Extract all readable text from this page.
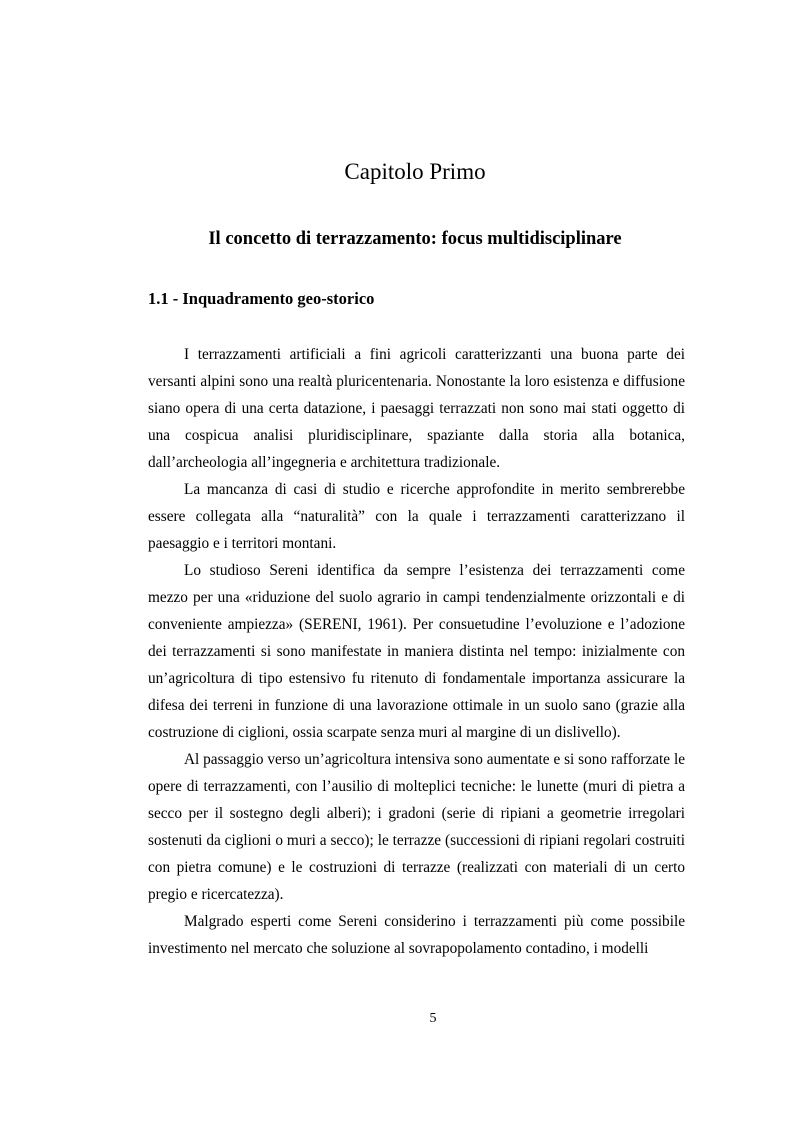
Capitolo Primo
Il concetto di terrazzamento: focus multidisciplinare
1.1 - Inquadramento geo-storico

I terrazzamenti artificiali a fini agricoli caratterizzanti una buona parte dei versanti alpini sono una realtà pluricentenaria. Nonostante la loro esistenza e diffusione siano opera di una certa datazione, i paesaggi terrazzati non sono mai stati oggetto di una cospicua analisi pluridisciplinare, spaziante dalla storia alla botanica, dall’archeologia all’ingegneria e architettura tradizionale.

La mancanza di casi di studio e ricerche approfondite in merito sembrerebbe essere collegata alla “naturalità” con la quale i terrazzamenti caratterizzano il paesaggio e i territori montani.

Lo studioso Sereni identifica da sempre l’esistenza dei terrazzamenti come mezzo per una «riduzione del suolo agrario in campi tendenzialmente orizzontali e di conveniente ampiezza» (SERENI, 1961). Per consuetudine l’evoluzione e l’adozione dei terrazzamenti si sono manifestate in maniera distinta nel tempo: inizialmente con un’agricoltura di tipo estensivo fu ritenuto di fondamentale importanza assicurare la difesa dei terreni in funzione di una lavorazione ottimale in un suolo sano (grazie alla costruzione di ciglioni, ossia scarpate senza muri al margine di un dislivello).

Al passaggio verso un’agricoltura intensiva sono aumentate e si sono rafforzate le opere di terrazzamenti, con l’ausilio di molteplici tecniche: le lunette (muri di pietra a secco per il sostegno degli alberi); i gradoni (serie di ripiani a geometrie irregolari sostenuti da ciglioni o muri a secco); le terrazze (successioni di ripiani regolari costruiti con pietra comune) e le costruzioni di terrazze (realizzati con materiali di un certo pregio e ricercatezza).

Malgrado esperti come Sereni considerino i terrazzamenti più come possibile investimento nel mercato che soluzione al sovrapopolamento contadino, i modelli

5
